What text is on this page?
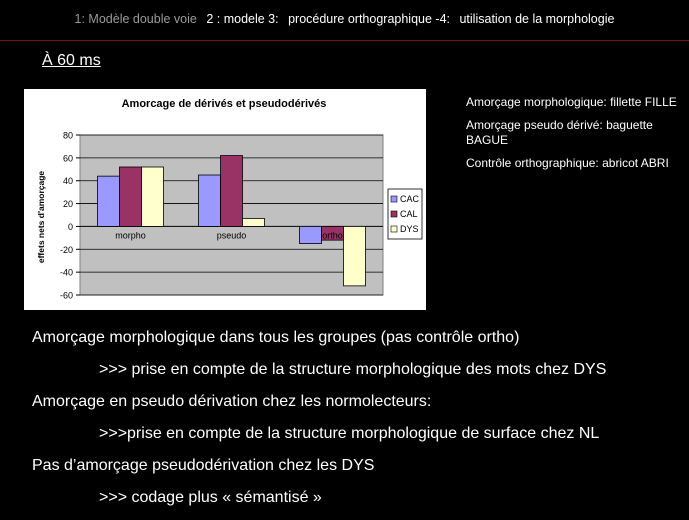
1: Modèle double voie 2 : modele 3: procédure orthographique -4: utilisation de la morphologie
À 60 ms
Amorcage de dérivés et pseudodérivés
effets nets d'amorçage
80
60
40
20
0
-20
-40
-60
morpho	pseudo	ortho
CAC
CAL
DYS

Amorçage morphologique: fillette FILLE

Amorçage pseudo dérivé: baguette BAGUE

Contrôle orthographique: abricot ABRI

Amorçage morphologique dans tous les groupes (pas contrôle ortho)
>>> prise en compte de la structure morphologique des mots chez DYS
Amorçage en pseudo dérivation chez les normolecteurs:
>>>prise en compte de la structure morphologique de surface chez NL
Pas d’amorçage pseudodérivation chez les DYS
>>> codage plus « sémantisé »
